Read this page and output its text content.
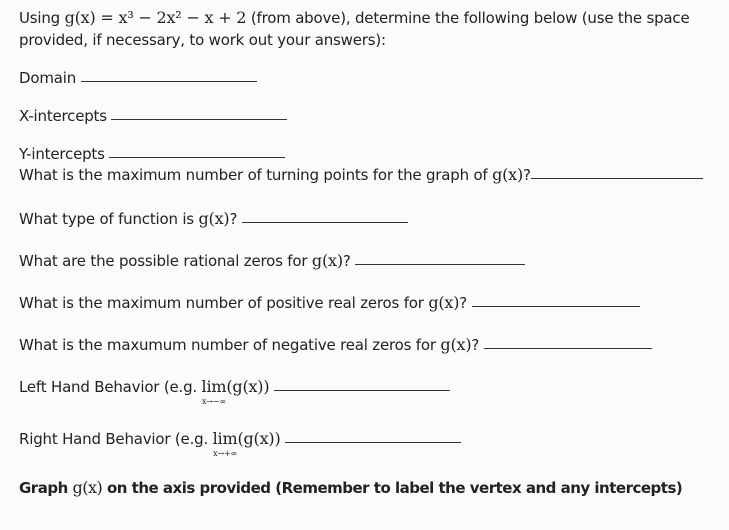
Using g(x) = x³ − 2x² − x + 2 (from above), determine the following below (use the space
provided, if necessary, to work out your answers):
Domain
X-intercepts
Y-intercepts
What is the maximum number of turning points for the graph of g(x)?
What type of function is g(x)?
What are the possible rational zeros for g(x)?
What is the maximum number of positive real zeros for g(x)?
What is the maxumum number of negative real zeros for g(x)?
Left Hand Behavior (e.g. lim
x→−∞
(g(x))
Right Hand Behavior (e.g. lim
x→+∞
(g(x))
Graph g(x) on the axis provided (Remember to label the vertex and any intercepts)
